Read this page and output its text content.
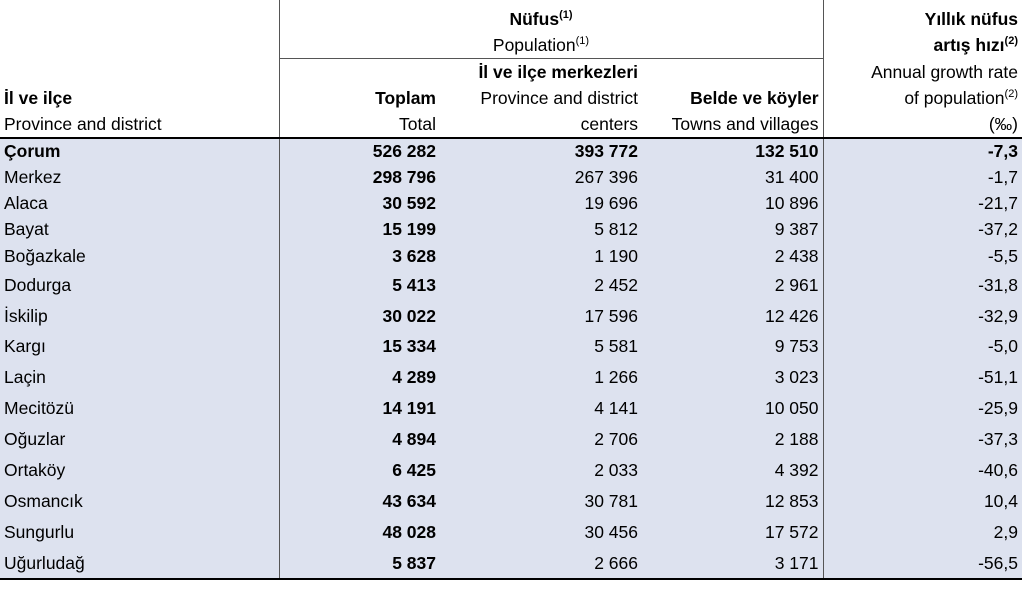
		Nüfus$^{(1)}$		Yıllık nüfus
		Population$^{(1)}$		artış hızı$^{(2)}$
		İl ve ilçe merkezleri		Annual growth rate
İl ve ilçe	Toplam	Province and district	Belde ve köyler	of population$^{(2)}$
Province and district	Total	centers	Towns and villages	(‰)
Çorum	526 282	393 772	132 510	-7,3
Merkez	298 796	267 396	31 400	-1,7
Alaca	30 592	19 696	10 896	-21,7
Bayat	15 199	5 812	9 387	-37,2
Boğazkale	3 628	1 190	2 438	-5,5
Dodurga	5 413	2 452	2 961	-31,8
İskilip	30 022	17 596	12 426	-32,9
Kargı	15 334	5 581	9 753	-5,0
Laçin	4 289	1 266	3 023	-51,1
Mecitözü	14 191	4 141	10 050	-25,9
Oğuzlar	4 894	2 706	2 188	-37,3
Ortaköy	6 425	2 033	4 392	-40,6
Osmancık	43 634	30 781	12 853	10,4
Sungurlu	48 028	30 456	17 572	2,9
Uğurludağ	5 837	2 666	3 171	-56,5
